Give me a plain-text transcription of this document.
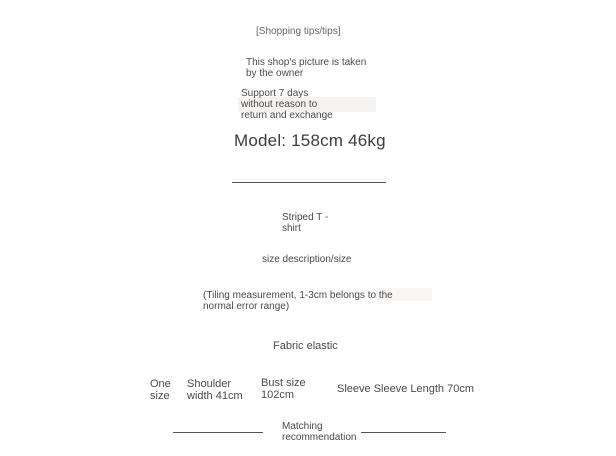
[Shopping tips/tips]
This shop's picture is taken by the owner
Support 7 days without reason to return and exchange
Model: 158cm 46kg
Striped T -shirt
size description/size
(Tiling measurement, 1-3cm belongs to the normal error range)
Fabric elastic
One size
Shoulder width 41cm
Bust size 102cm	Sleeve Sleeve Length 70cm
Matching recommendation
